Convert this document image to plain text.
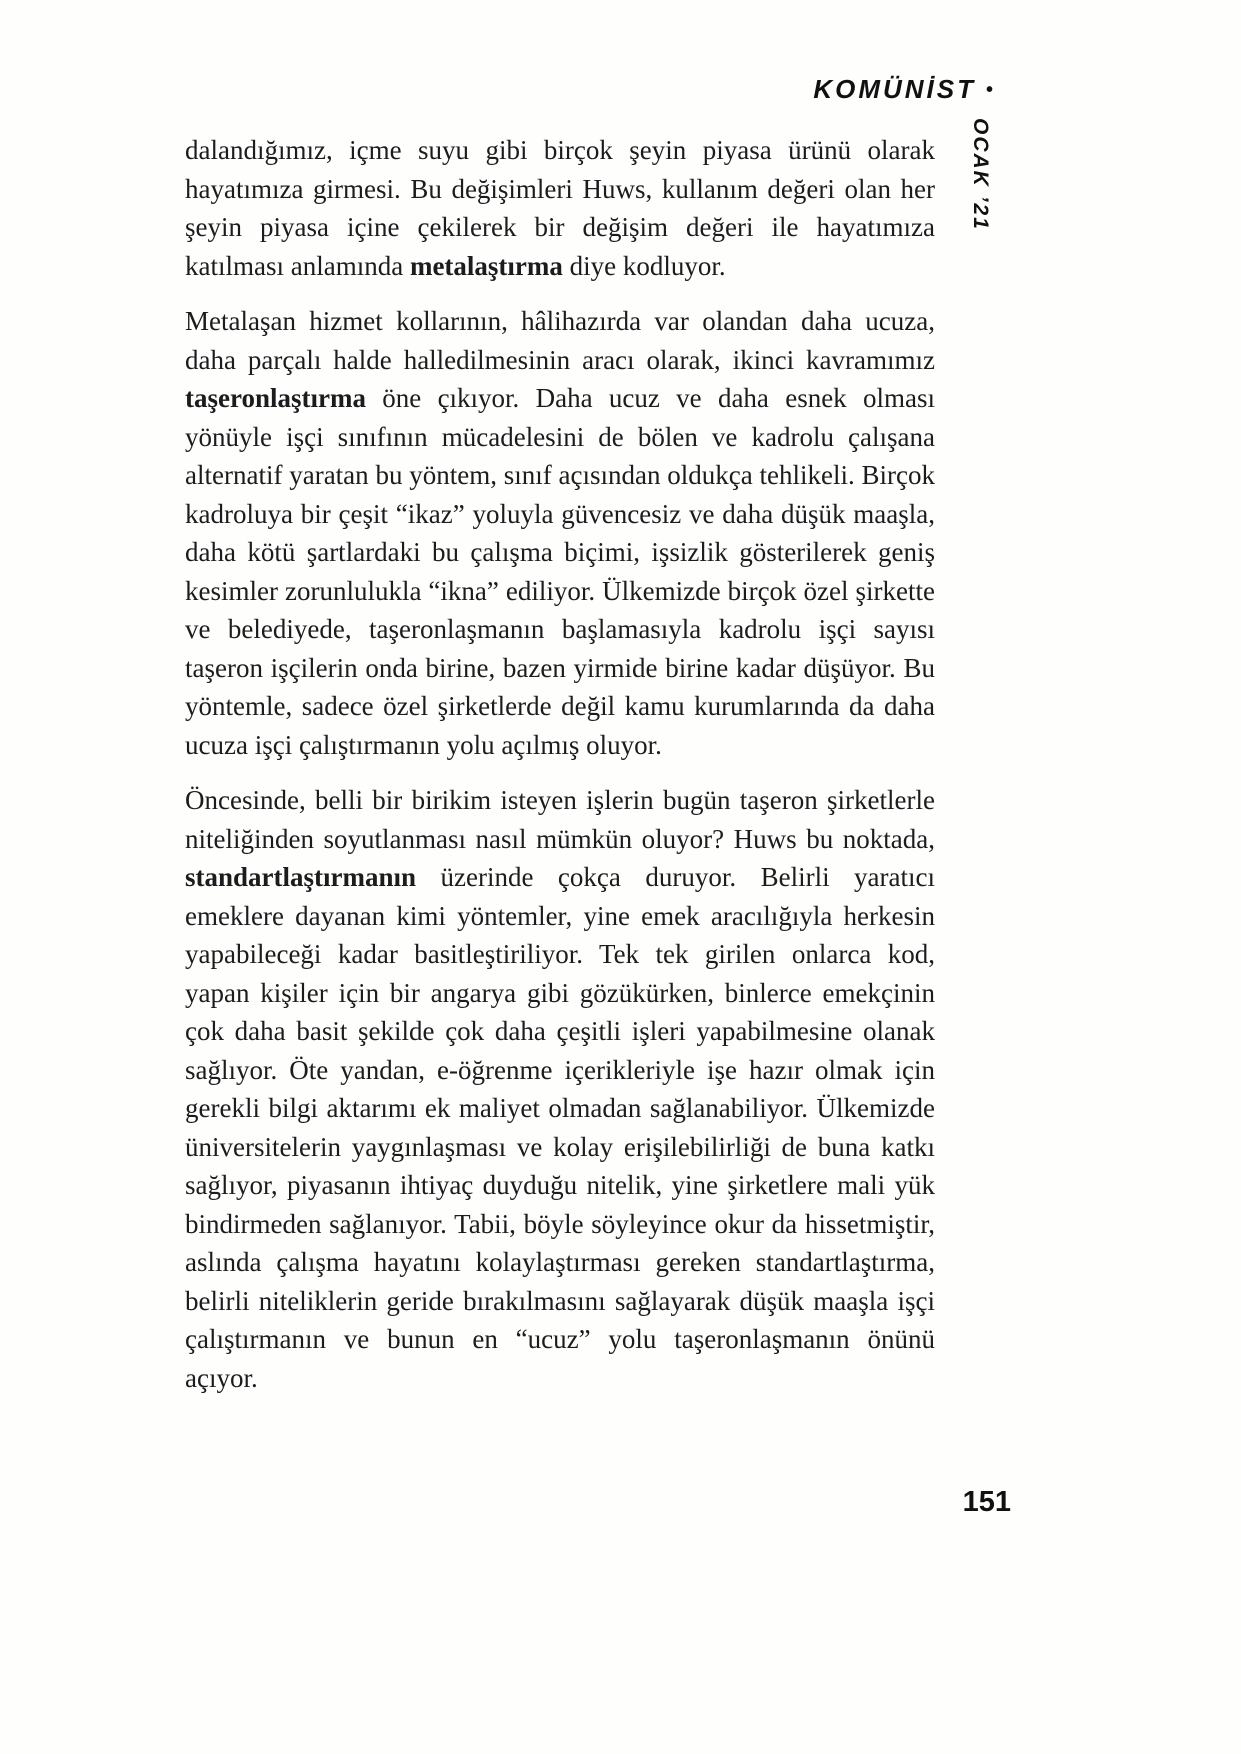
KOMÜNİST •
OCAK ’21

dalandığımız, içme suyu gibi birçok şeyin piyasa ürünü olarak hayatımıza girmesi. Bu değişimleri Huws, kullanım değeri olan her şeyin piyasa içine çekilerek bir değişim değeri ile hayatımıza katılması anlamında metalaştırma diye kodluyor.

Metalaşan hizmet kollarının, hâlihazırda var olandan daha ucuza, daha parçalı halde halledilmesinin aracı olarak, ikinci kavramımız taşeronlaştırma öne çıkıyor. Daha ucuz ve daha esnek olması yönüyle işçi sınıfının mücadelesini de bölen ve kadrolu çalışana alternatif yaratan bu yöntem, sınıf açısından oldukça tehlikeli. Birçok kadroluya bir çeşit “ikaz” yoluyla güvencesiz ve daha düşük maaşla, daha kötü şartlardaki bu çalışma biçimi, işsizlik gösterilerek geniş kesimler zorunlulukla “ikna” ediliyor. Ülkemizde birçok özel şirkette ve belediyede, taşeronlaşmanın başlamasıyla kadrolu işçi sayısı taşeron işçilerin onda birine, bazen yirmide birine kadar düşüyor. Bu yöntemle, sadece özel şirketlerde değil kamu kurumlarında da daha ucuza işçi çalıştırmanın yolu açılmış oluyor.

Öncesinde, belli bir birikim isteyen işlerin bugün taşeron şirketlerle niteliğinden soyutlanması nasıl mümkün oluyor? Huws bu noktada, standartlaştırmanın üzerinde çokça duruyor. Belirli yaratıcı emeklere dayanan kimi yöntemler, yine emek aracılığıyla herkesin yapabileceği kadar basitleştiriliyor. Tek tek girilen onlarca kod, yapan kişiler için bir angarya gibi gözükürken, binlerce emekçinin çok daha basit şekilde çok daha çeşitli işleri yapabilmesine olanak sağlıyor. Öte yandan, e-öğrenme içerikleriyle işe hazır olmak için gerekli bilgi aktarımı ek maliyet olmadan sağlanabiliyor. Ülkemizde üniversitelerin yaygınlaşması ve kolay erişilebilirliği de buna katkı sağlıyor, piyasanın ihtiyaç duyduğu nitelik, yine şirketlere mali yük bindirmeden sağlanıyor. Tabii, böyle söyleyince okur da hissetmiştir, aslında çalışma hayatını kolaylaştırması gereken standartlaştırma, belirli niteliklerin geride bırakılmasını sağlayarak düşük maaşla işçi çalıştırmanın ve bunun en “ucuz” yolu taşeronlaşmanın önünü açıyor.

151
